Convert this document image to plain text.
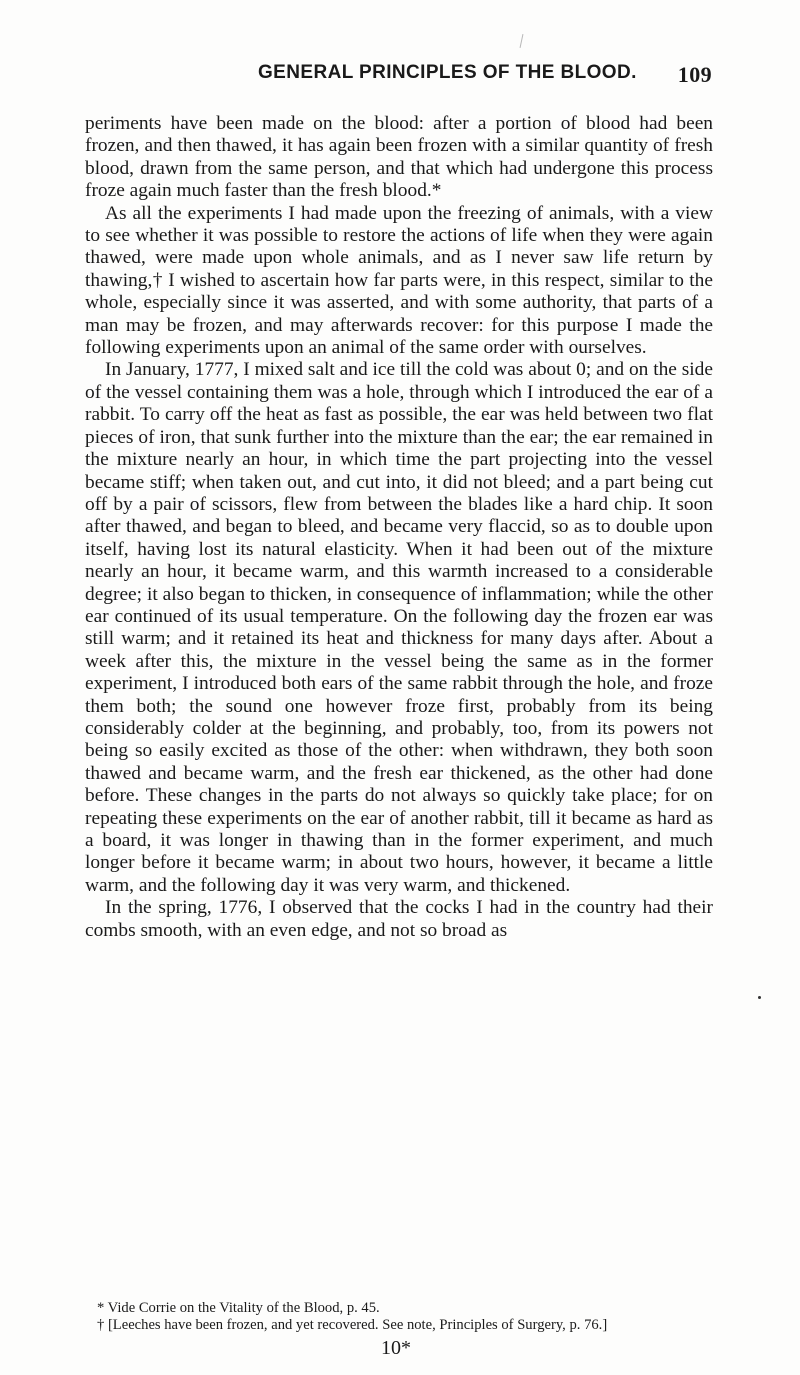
GENERAL PRINCIPLES OF THE BLOOD. 109

periments have been made on the blood: after a portion of blood had been frozen, and then thawed, it has again been frozen with a similar quantity of fresh blood, drawn from the same person, and that which had undergone this process froze again much faster than the fresh blood.*

As all the experiments I had made upon the freezing of animals, with a view to see whether it was possible to restore the actions of life when they were again thawed, were made upon whole animals, and as I never saw life return by thawing,† I wished to ascertain how far parts were, in this respect, similar to the whole, especially since it was asserted, and with some authority, that parts of a man may be frozen, and may afterwards recover: for this purpose I made the following experiments upon an animal of the same order with ourselves.

In January, 1777, I mixed salt and ice till the cold was about 0; and on the side of the vessel containing them was a hole, through which I introduced the ear of a rabbit. To carry off the heat as fast as possible, the ear was held between two flat pieces of iron, that sunk further into the mixture than the ear; the ear remained in the mixture nearly an hour, in which time the part projecting into the vessel became stiff; when taken out, and cut into, it did not bleed; and a part being cut off by a pair of scissors, flew from between the blades like a hard chip. It soon after thawed, and began to bleed, and became very flaccid, so as to double upon itself, having lost its natural elasticity. When it had been out of the mixture nearly an hour, it became warm, and this warmth increased to a considerable degree; it also began to thicken, in consequence of inflammation; while the other ear continued of its usual temperature. On the following day the frozen ear was still warm; and it retained its heat and thickness for many days after. About a week after this, the mixture in the vessel being the same as in the former experiment, I introduced both ears of the same rabbit through the hole, and froze them both; the sound one however froze first, probably from its being considerably colder at the beginning, and probably, too, from its powers not being so easily excited as those of the other: when withdrawn, they both soon thawed and became warm, and the fresh ear thickened, as the other had done before. These changes in the parts do not always so quickly take place; for on repeating these experiments on the ear of another rabbit, till it became as hard as a board, it was longer in thawing than in the former experiment, and much longer before it became warm; in about two hours, however, it became a little warm, and the following day it was very warm, and thickened.

In the spring, 1776, I observed that the cocks I had in the country had their combs smooth, with an even edge, and not so broad as

* Vide Corrie on the Vitality of the Blood, p. 45.

† [Leeches have been frozen, and yet recovered. See note, Principles of Surgery, p. 76.]

10*
